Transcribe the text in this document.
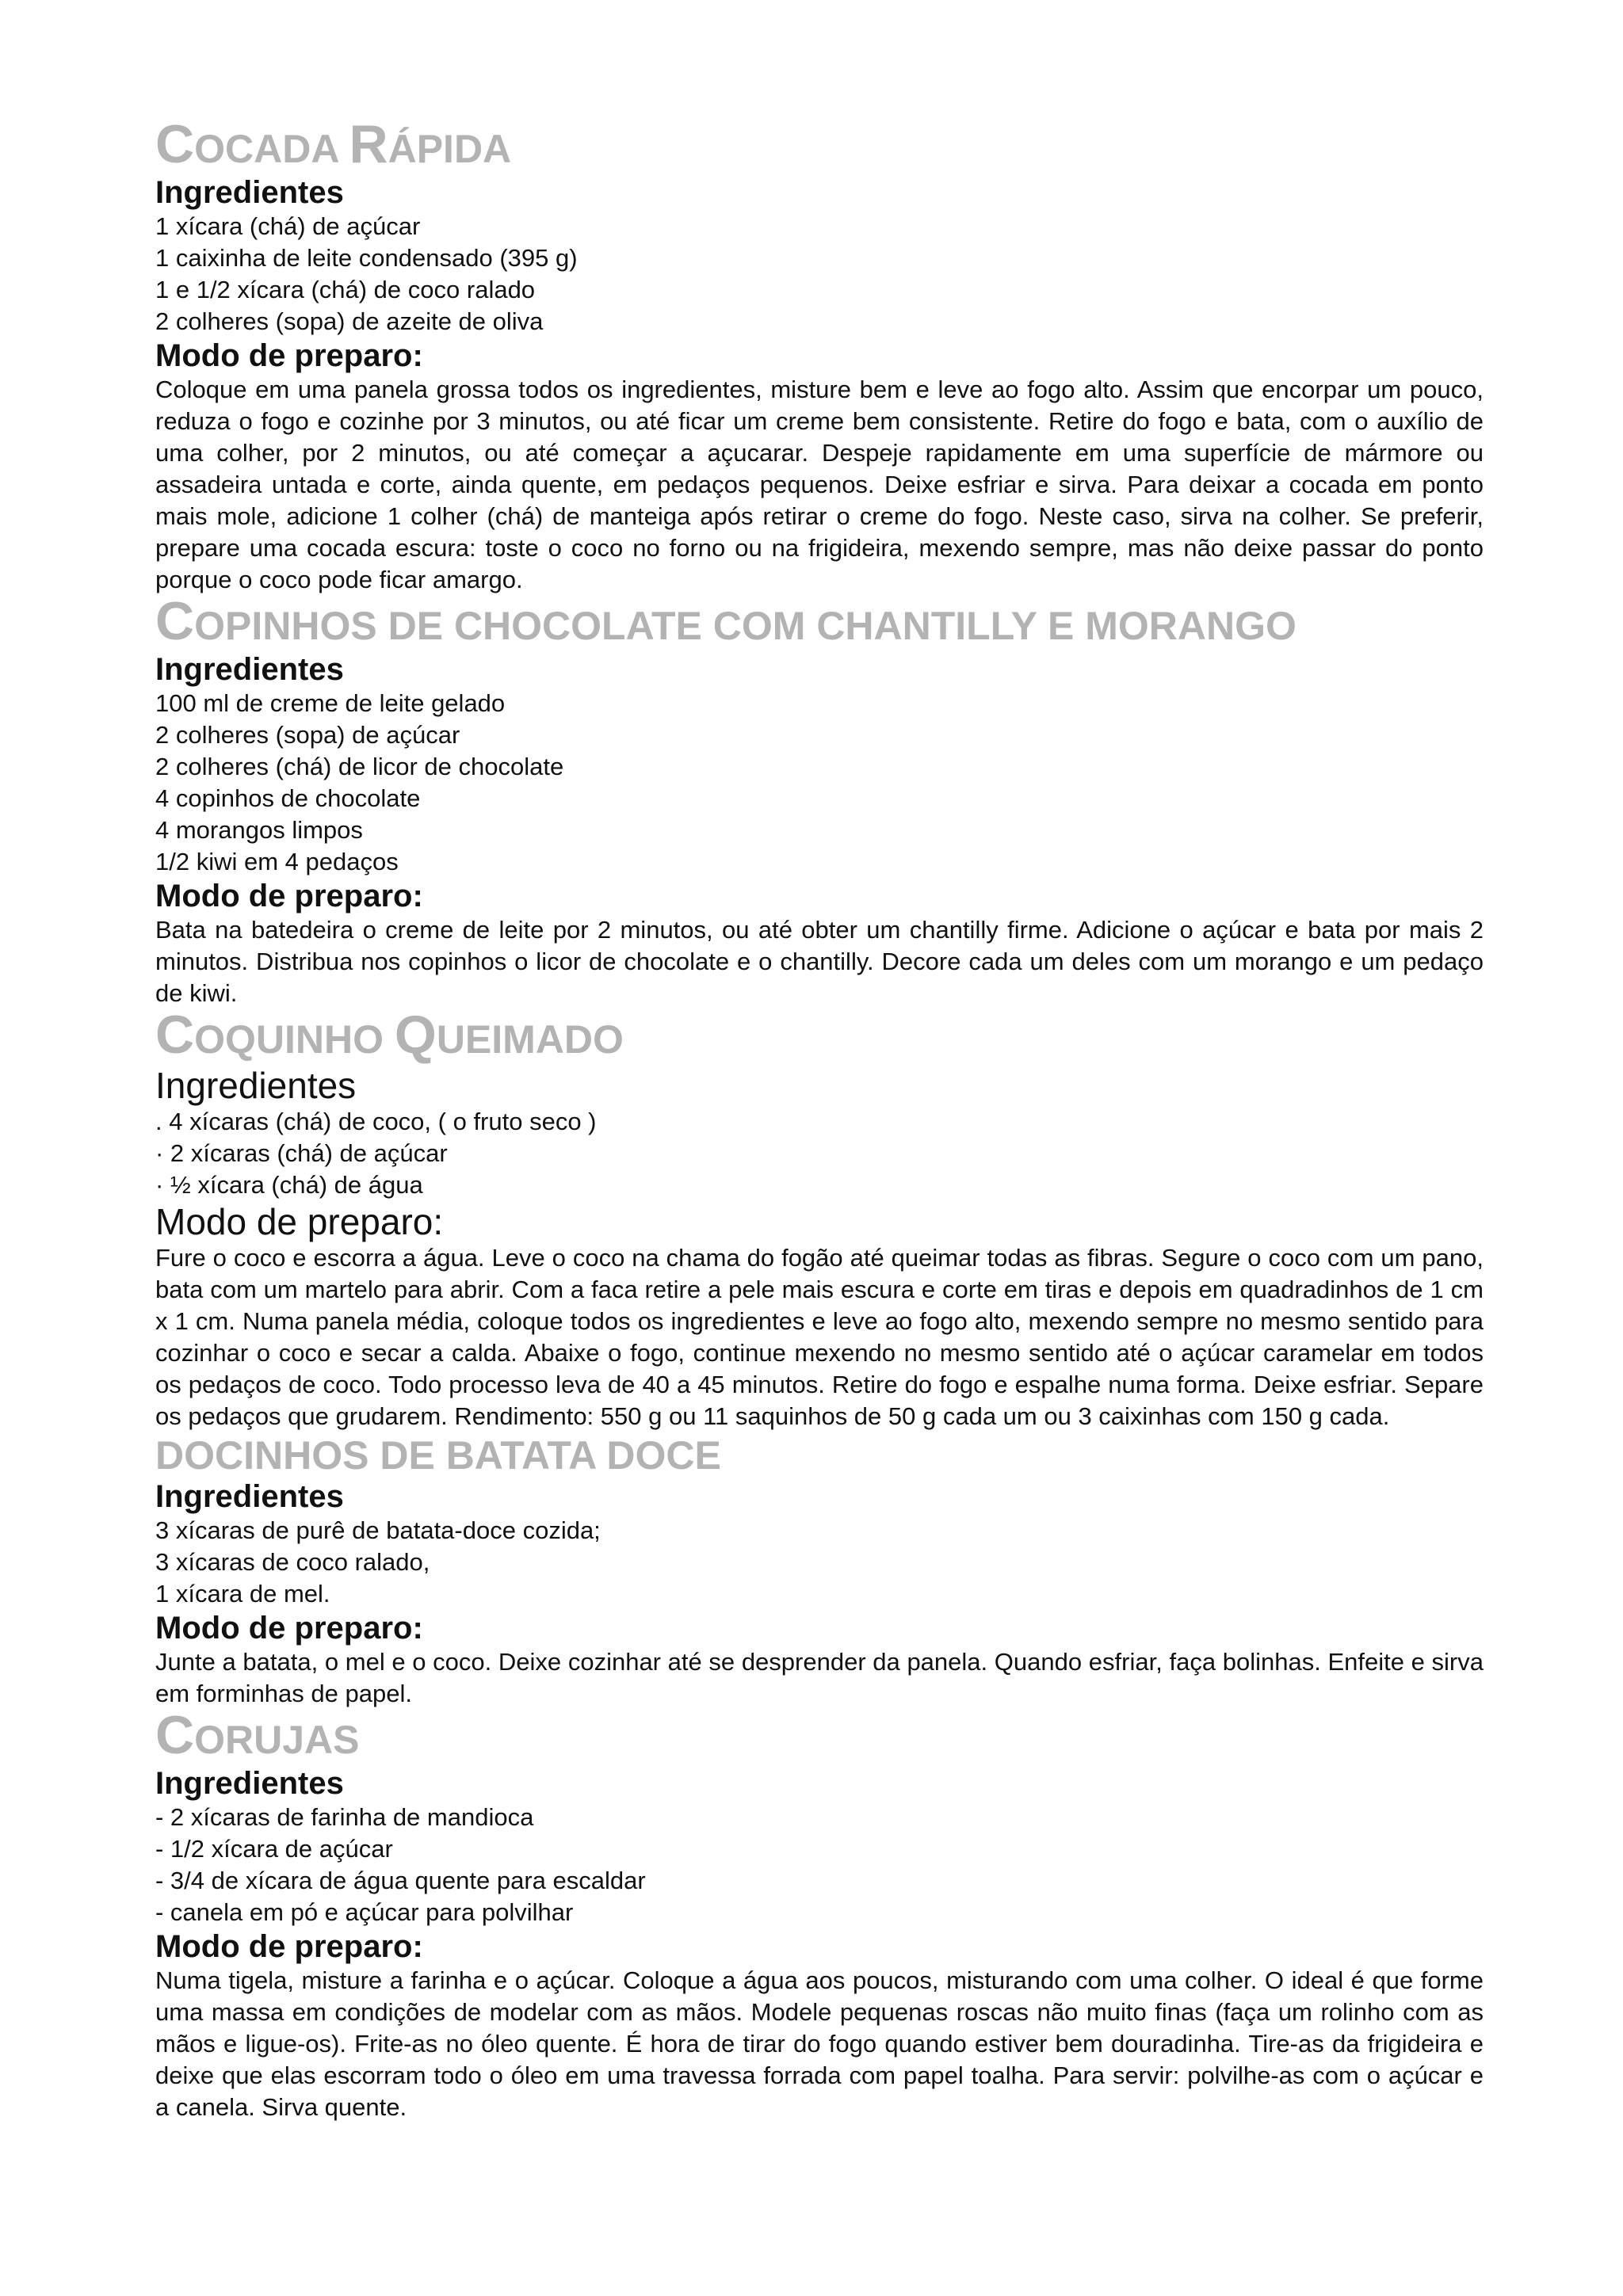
COCADA RÁPIDA
Ingredientes

1 xícara (chá) de açúcar

1 caixinha de leite condensado (395 g)

1 e 1/2 xícara (chá) de coco ralado

2 colheres (sopa) de azeite de oliva

Modo de preparo:

Coloque em uma panela grossa todos os ingredientes, misture bem e leve ao fogo alto. Assim que encorpar um pouco, reduza o fogo e cozinhe por 3 minutos, ou até ficar um creme bem consistente. Retire do fogo e bata, com o auxílio de uma colher, por 2 minutos, ou até começar a açucarar. Despeje rapidamente em uma superfície de mármore ou assadeira untada e corte, ainda quente, em pedaços pequenos. Deixe esfriar e sirva. Para deixar a cocada em ponto mais mole, adicione 1 colher (chá) de manteiga após retirar o creme do fogo. Neste caso, sirva na colher. Se preferir, prepare uma cocada escura: toste o coco no forno ou na frigideira, mexendo sempre, mas não deixe passar do ponto porque o coco pode ficar amargo.

COPINHOS DE CHOCOLATE COM CHANTILLY E MORANGO
Ingredientes

100 ml de creme de leite gelado

2 colheres (sopa) de açúcar

2 colheres (chá) de licor de chocolate

4 copinhos de chocolate

4 morangos limpos

1/2 kiwi em 4 pedaços

Modo de preparo:

Bata na batedeira o creme de leite por 2 minutos, ou até obter um chantilly firme. Adicione o açúcar e bata por mais 2 minutos. Distribua nos copinhos o licor de chocolate e o chantilly. Decore cada um deles com um morango e um pedaço de kiwi.

COQUINHO QUEIMADO
Ingredientes

. 4 xícaras (chá) de coco, ( o fruto seco )

· 2 xícaras (chá) de açúcar

· ½ xícara (chá) de água

Modo de preparo:

Fure o coco e escorra a água. Leve o coco na chama do fogão até queimar todas as fibras. Segure o coco com um pano, bata com um martelo para abrir. Com a faca retire a pele mais escura e corte em tiras e depois em quadradinhos de 1 cm x 1 cm. Numa panela média, coloque todos os ingredientes e leve ao fogo alto, mexendo sempre no mesmo sentido para cozinhar o coco e secar a calda. Abaixe o fogo, continue mexendo no mesmo sentido até o açúcar caramelar em todos os pedaços de coco. Todo processo leva de 40 a 45 minutos. Retire do fogo e espalhe numa forma. Deixe esfriar. Separe os pedaços que grudarem. Rendimento: 550 g ou 11 saquinhos de 50 g cada um ou 3 caixinhas com 150 g cada.

DOCINHOS DE BATATA DOCE
Ingredientes

3 xícaras de purê de batata-doce cozida;

3 xícaras de coco ralado,

1 xícara de mel.

Modo de preparo:

Junte a batata, o mel e o coco. Deixe cozinhar até se desprender da panela. Quando esfriar, faça bolinhas. Enfeite e sirva em forminhas de papel.

CORUJAS
Ingredientes

- 2 xícaras de farinha de mandioca

- 1/2 xícara de açúcar

- 3/4 de xícara de água quente para escaldar

- canela em pó e açúcar para polvilhar

Modo de preparo:

Numa tigela, misture a farinha e o açúcar. Coloque a água aos poucos, misturando com uma colher. O ideal é que forme uma massa em condições de modelar com as mãos. Modele pequenas roscas não muito finas (faça um rolinho com as mãos e ligue-os). Frite-as no óleo quente. É hora de tirar do fogo quando estiver bem douradinha. Tire-as da frigideira e deixe que elas escorram todo o óleo em uma travessa forrada com papel toalha. Para servir: polvilhe-as com o açúcar e a canela. Sirva quente.
